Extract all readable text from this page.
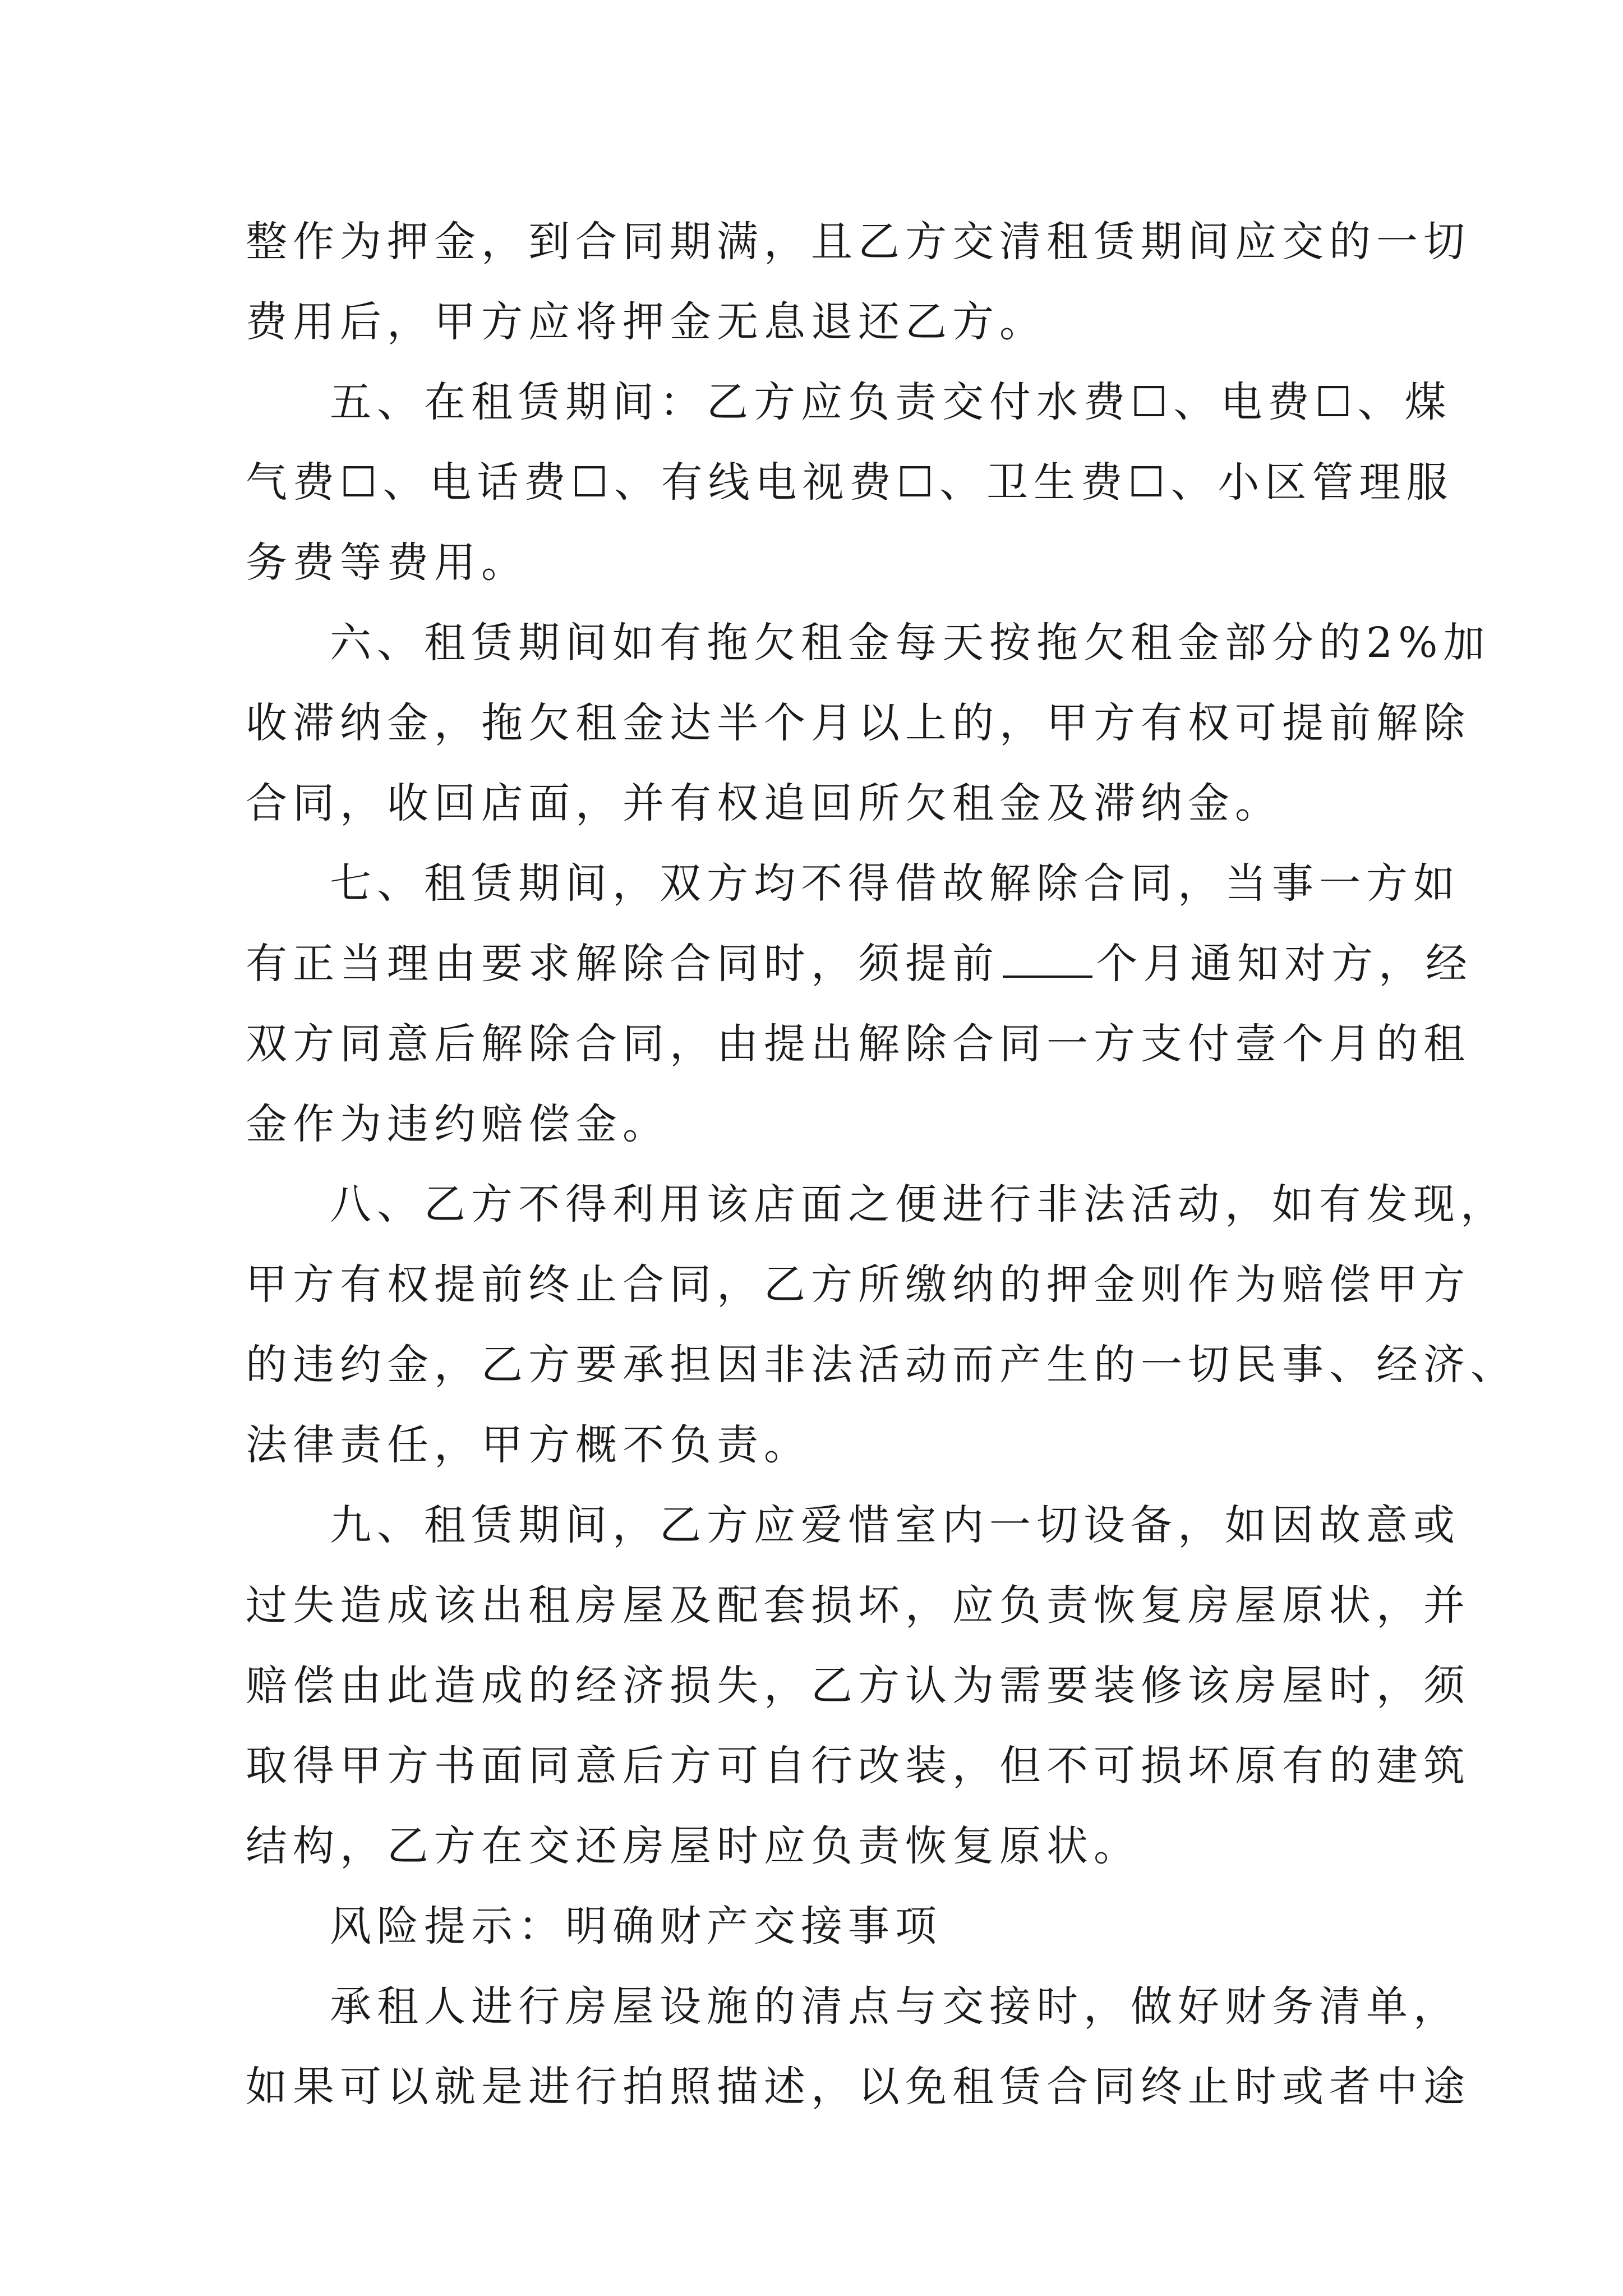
整作为押金，到合同期满，且乙方交清租赁期间应交的一切
费用后，甲方应将押金无息退还乙方。
五、在租赁期间：乙方应负责交付水费☐、电费☐、煤
气费☐、电话费☐、有线电视费☐、卫生费☐、小区管理服
务费等费用。
六、租赁期间如有拖欠租金每天按拖欠租金部分的2%加
收滞纳金，拖欠租金达半个月以上的，甲方有权可提前解除
合同，收回店面，并有权追回所欠租金及滞纳金。
七、租赁期间，双方均不得借故解除合同，当事一方如
有正当理由要求解除合同时，须提前 个月通知对方，经
双方同意后解除合同，由提出解除合同一方支付壹个月的租
金作为违约赔偿金。
八、乙方不得利用该店面之便进行非法活动，如有发现，
甲方有权提前终止合同，乙方所缴纳的押金则作为赔偿甲方
的违约金，乙方要承担因非法活动而产生的一切民事、经济、
法律责任，甲方概不负责。
九、租赁期间，乙方应爱惜室内一切设备，如因故意或
过失造成该出租房屋及配套损坏，应负责恢复房屋原状，并
赔偿由此造成的经济损失，乙方认为需要装修该房屋时，须
取得甲方书面同意后方可自行改装，但不可损坏原有的建筑
结构，乙方在交还房屋时应负责恢复原状。
风险提示：明确财产交接事项
承租人进行房屋设施的清点与交接时，做好财务清单，
如果可以就是进行拍照描述，以免租赁合同终止时或者中途
